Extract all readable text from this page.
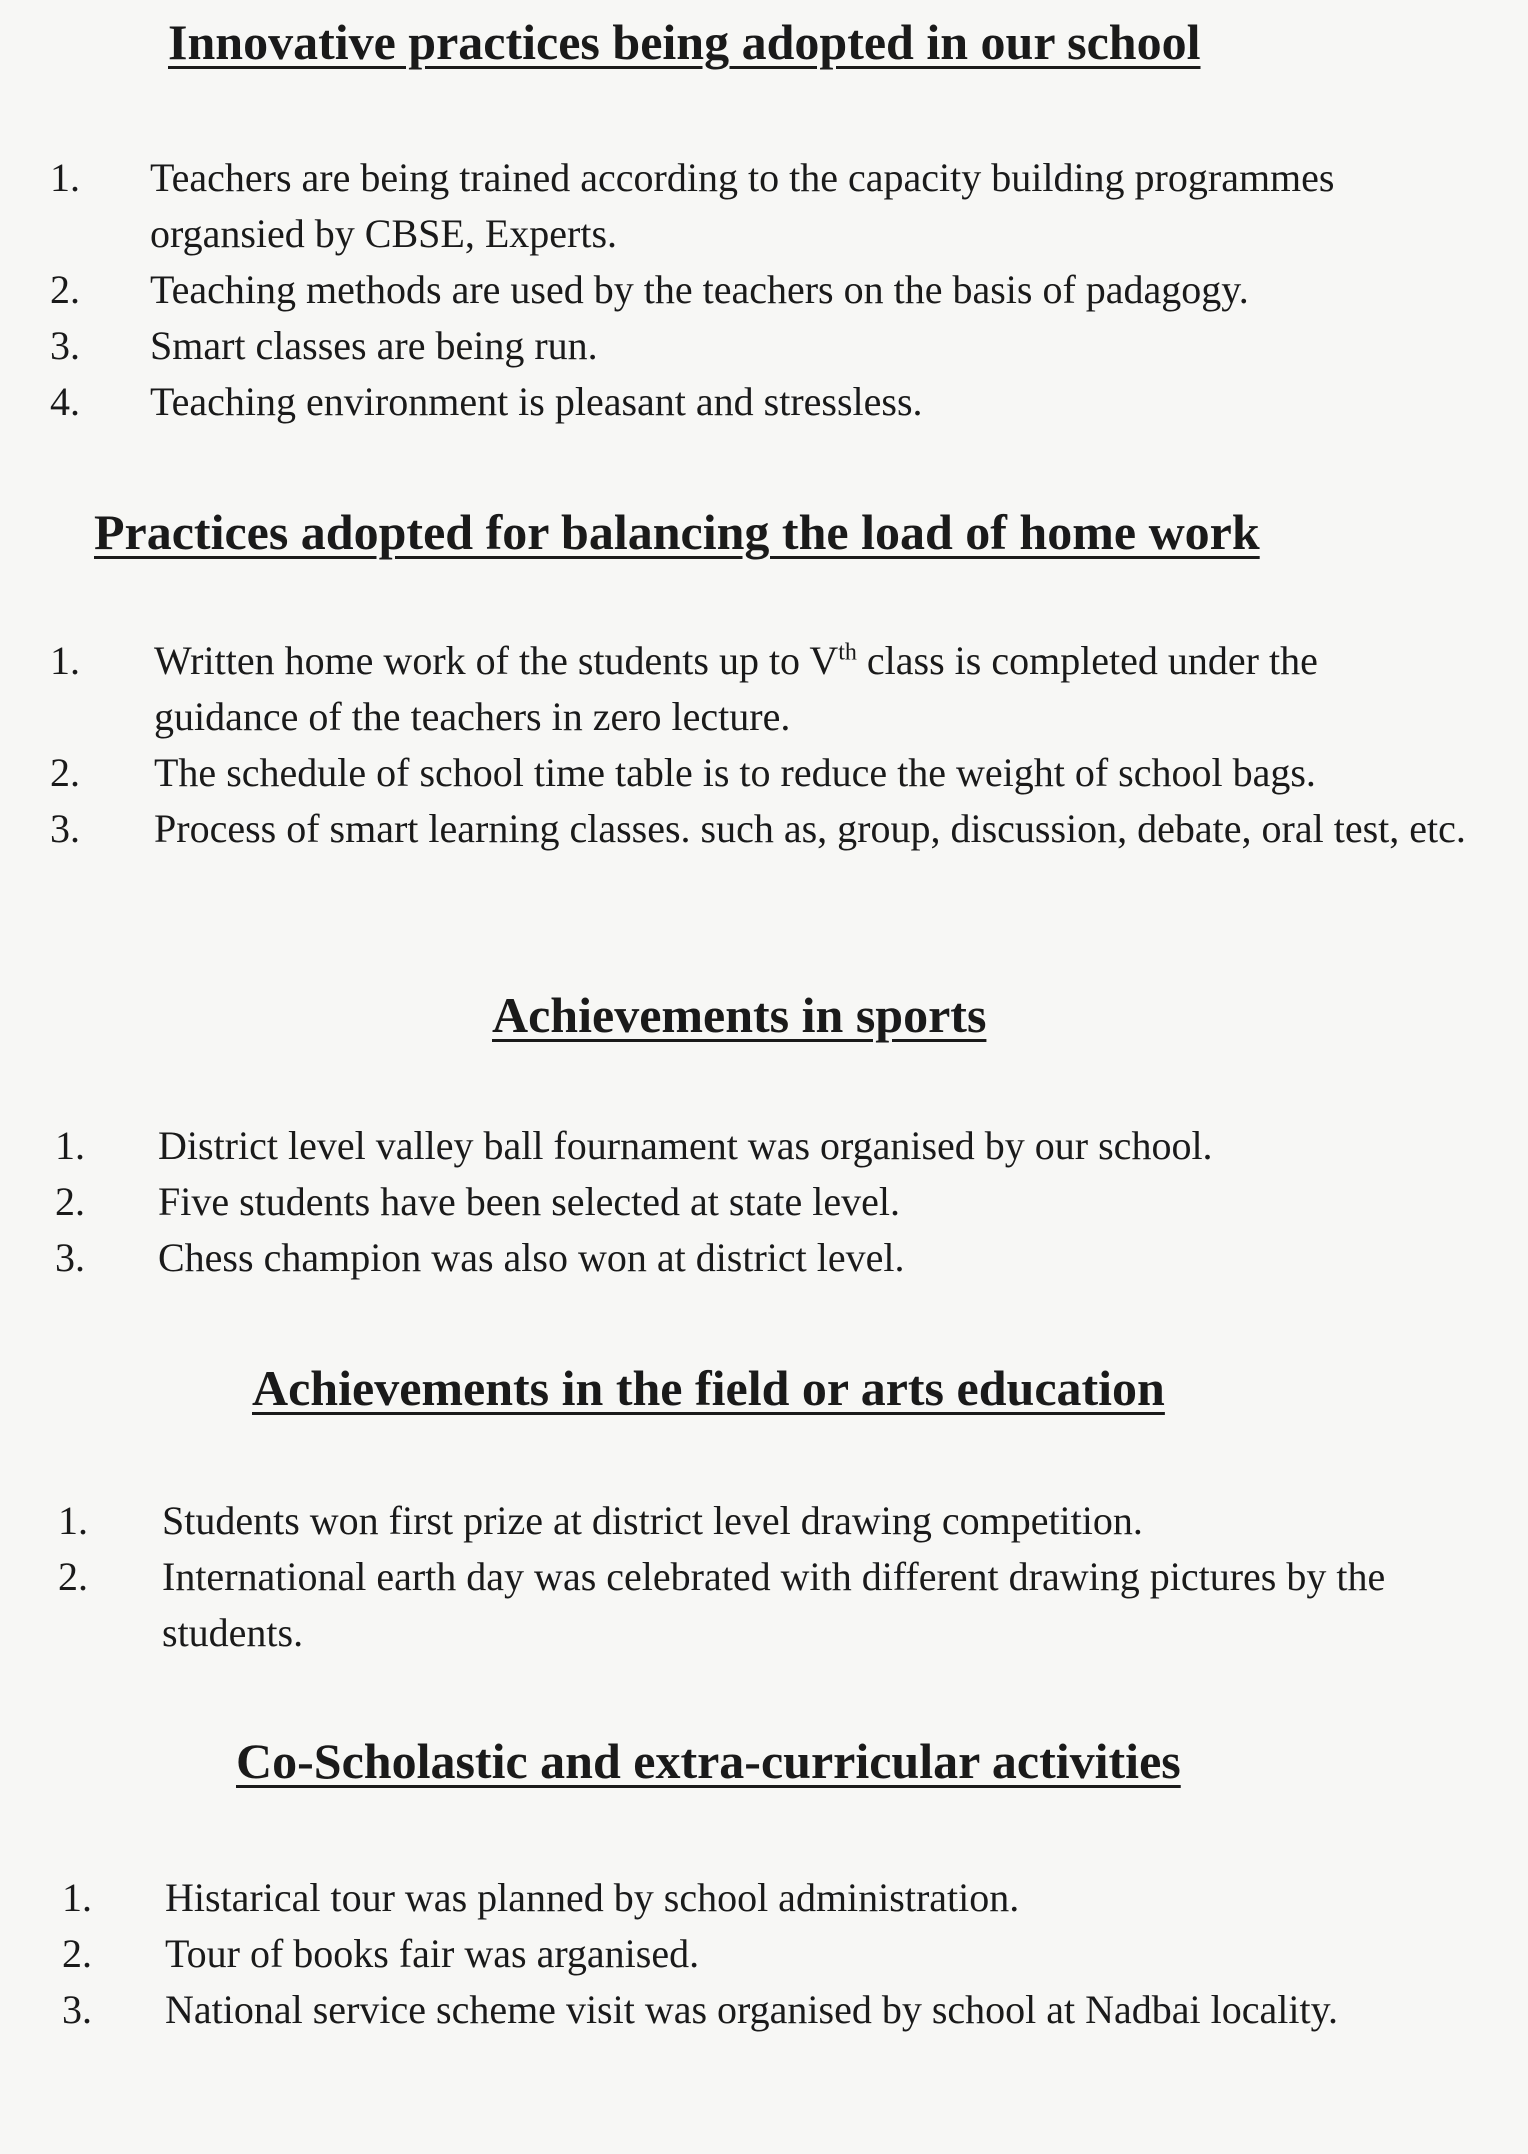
Innovative practices being adopted in our school
1.	Teachers are being trained according to the capacity building programmes organsied by CBSE, Experts.
2.	Teaching methods are used by the teachers on the basis of padagogy.
3.	Smart classes are being run.
4.	Teaching environment is pleasant and stressless.
Practices adopted for balancing the load of home work
1.	Written home work of the students up to Vth class is completed under the guidance of the teachers in zero lecture.
2.	The schedule of school time table is to reduce the weight of school bags.
3.	Process of smart learning classes. such as, group, discussion, debate, oral test, etc.
Achievements in sports
1.	District level valley ball fournament was organised by our school.
2.	Five students have been selected at state level.
3.	Chess champion was also won at district level.
Achievements in the field or arts education
1.	Students won first prize at district level drawing competition.
2.	International earth day was celebrated with different drawing pictures by the students.
Co-Scholastic and extra-curricular activities
1.	Histarical tour was planned by school administration.
2.	Tour of books fair was arganised.
3.	National service scheme visit was organised by school at Nadbai locality.
